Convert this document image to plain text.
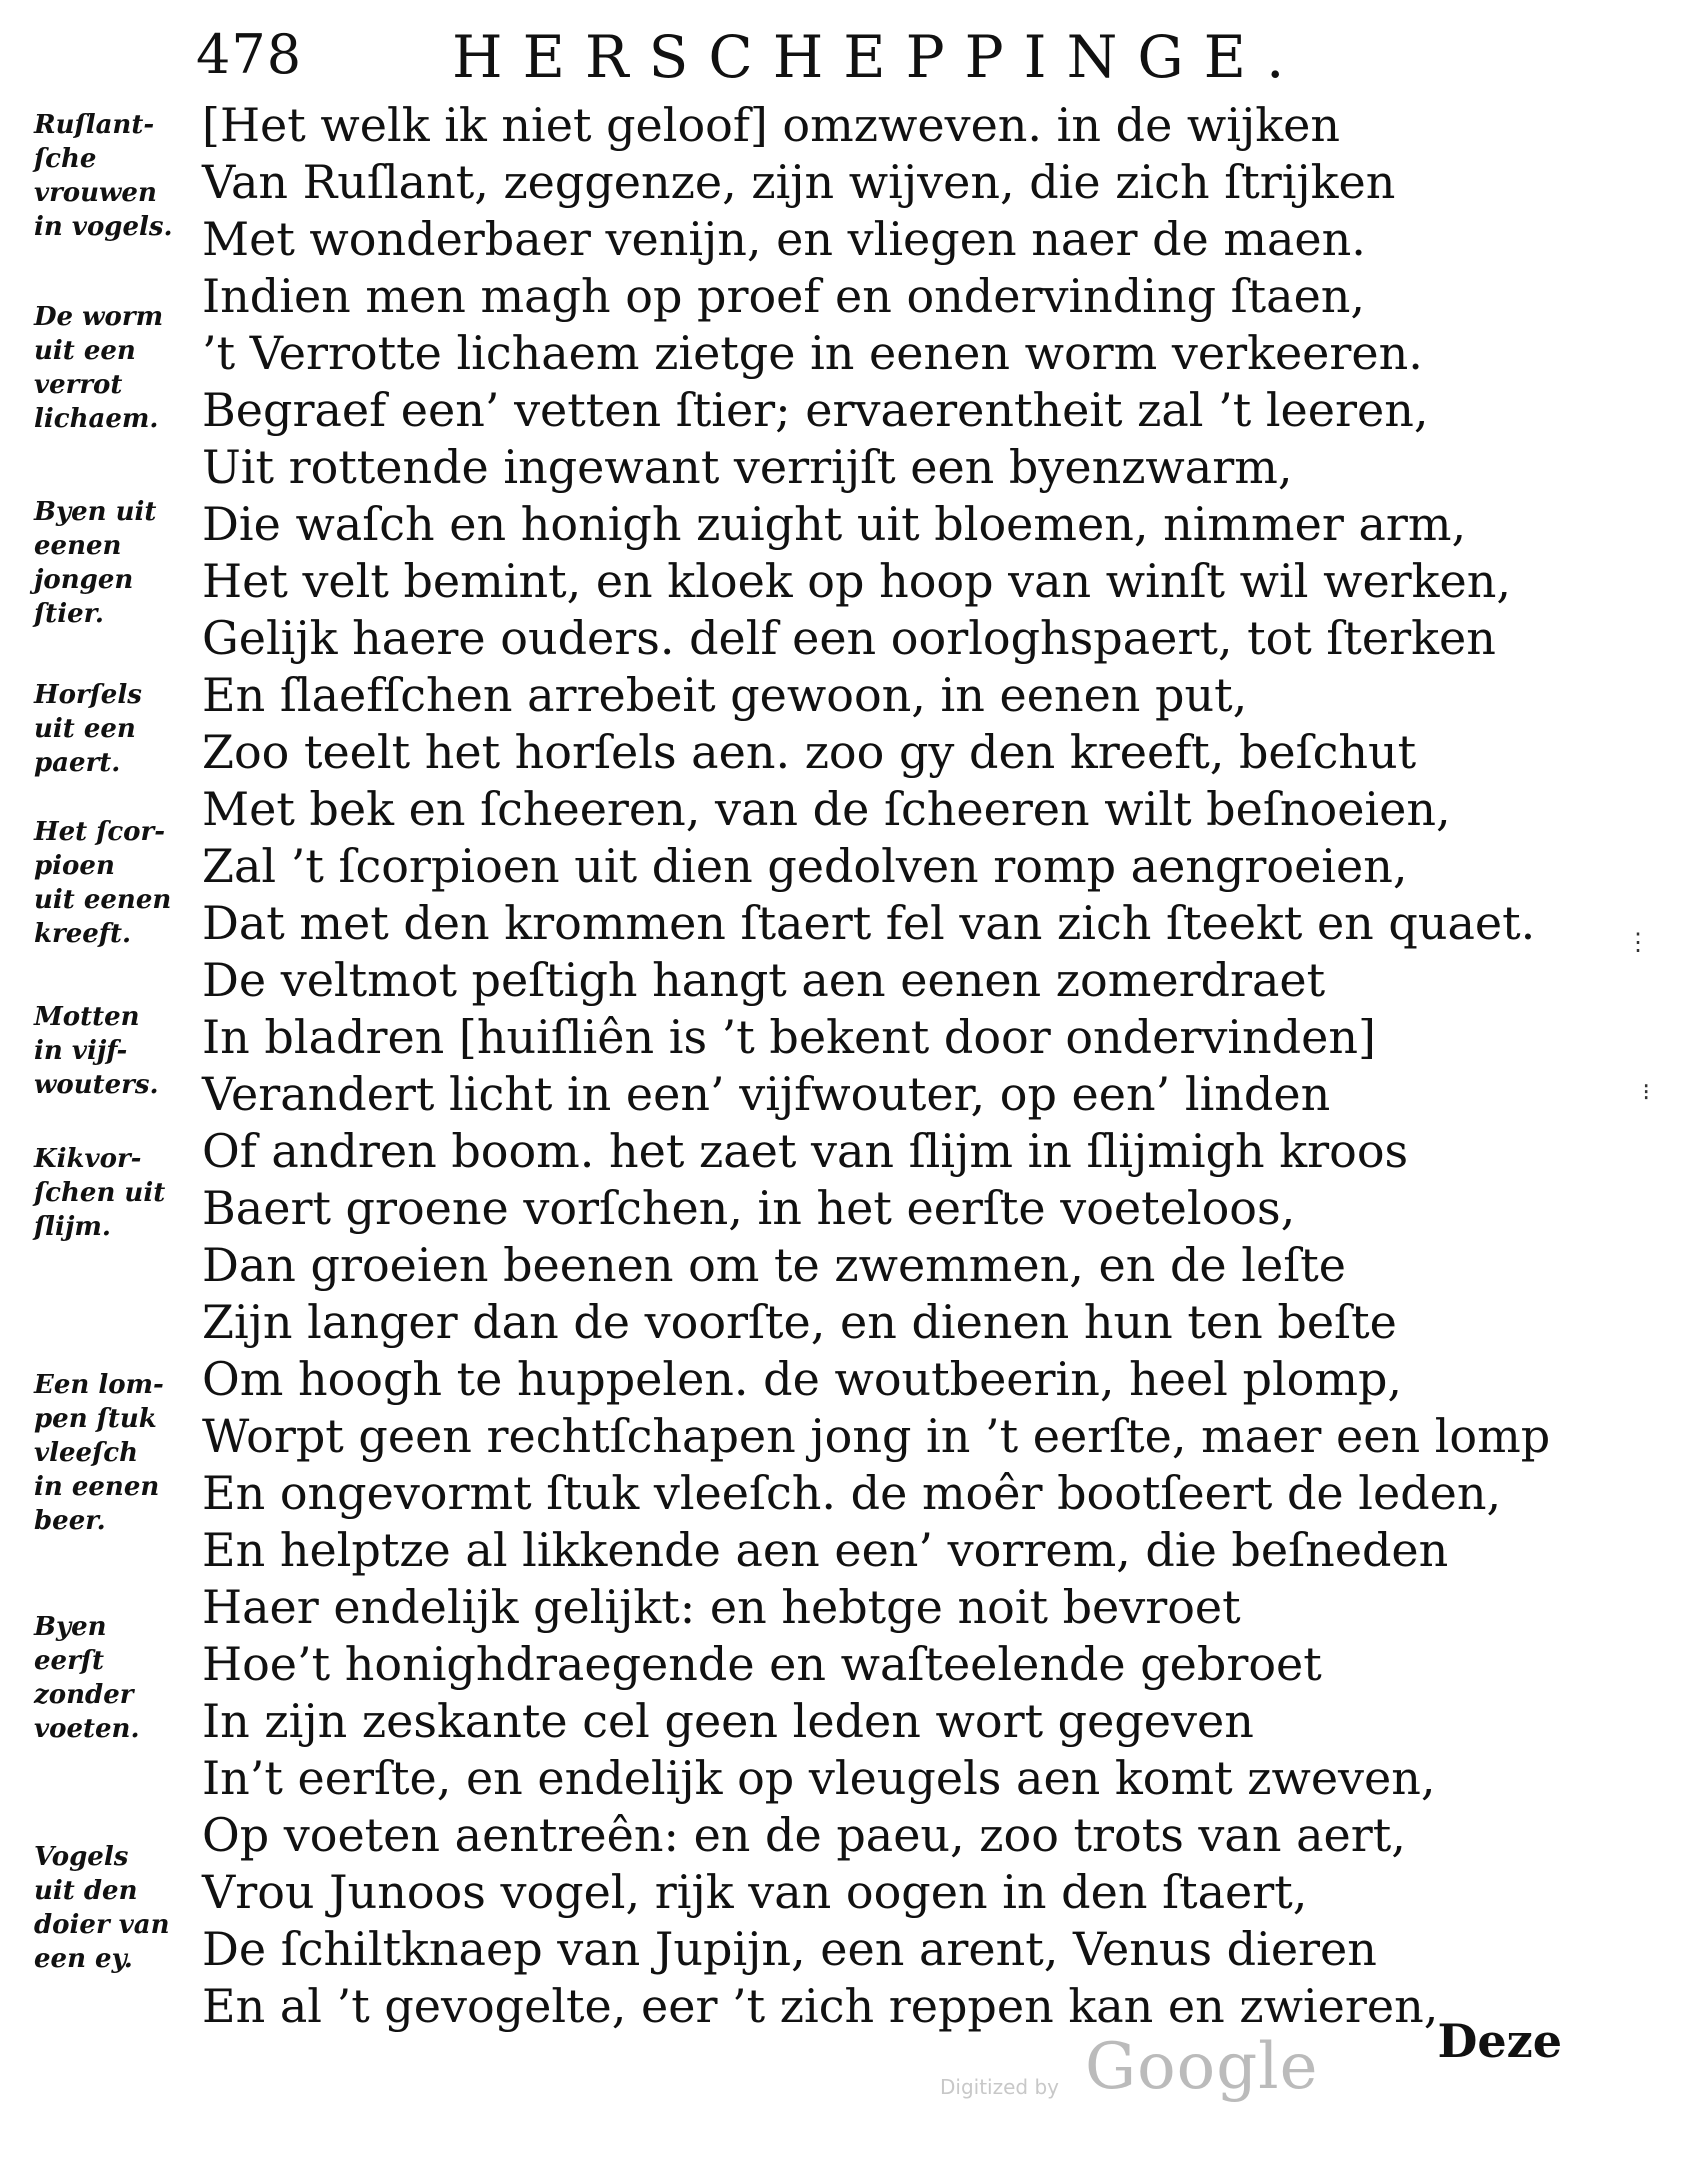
478	HERSCHEPPINGE.
Ruſlant-
ſche
vrouwen
in vogels.
De worm
uit een
verrot
lichaem.
Byen uit
eenen
jongen
ſtier.
Horſels
uit een
paert.
Het ſcor-
pioen
uit eenen
kreeft.
Motten
in vijf-
wouters.
Kikvor-
ſchen uit
ſlijm.
Een lom-
pen ſtuk
vleeſch
in eenen
beer.
Byen
eerſt
zonder
voeten.
Vogels
uit den
doier van
een ey.
[Het welk ik niet geloof] omzweven. in de wijken
Van Ruſlant, zeggenze, zijn wijven, die zich ſtrijken
Met wonderbaer venijn, en vliegen naer de maen.
Indien men magh op proef en ondervinding ſtaen,
’t Verrotte lichaem zietge in eenen worm verkeeren.
Begraef een’ vetten ſtier; ervaerentheit zal ’t leeren,
Uit rottende ingewant verrijſt een byenzwarm,
Die waſch en honigh zuight uit bloemen, nimmer arm,
Het velt bemint, en kloek op hoop van winſt wil werken,
Gelijk haere ouders. delf een oorloghspaert, tot ſterken
En ſlaefſchen arrebeit gewoon, in eenen put,
Zoo teelt het horſels aen. zoo gy den kreeft, beſchut
Met bek en ſcheeren, van de ſcheeren wilt beſnoeien,
Zal ’t ſcorpioen uit dien gedolven romp aengroeien,
Dat met den krommen ſtaert fel van zich ſteekt en quaet.
De veltmot peſtigh hangt aen eenen zomerdraet
In bladren [huiſliên is ’t bekent door ondervinden]
Verandert licht in een’ vijfwouter, op een’ linden
Of andren boom. het zaet van ſlijm in ſlijmigh kroos
Baert groene vorſchen, in het eerſte voeteloos,
Dan groeien beenen om te zwemmen, en de leſte
Zijn langer dan de voorſte, en dienen hun ten beſte
Om hoogh te huppelen. de woutbeerin, heel plomp,
Worpt geen rechtſchapen jong in ’t eerſte, maer een lomp
En ongevormt ſtuk vleeſch. de moêr bootſeert de leden,
En helptze al likkende aen een’ vorrem, die beſneden
Haer endelijk gelijkt: en hebtge noit bevroet
Hoe’t honighdraegende en waſteelende gebroet
In zijn zeskante cel geen leden wort gegeven
In’t eerſte, en endelijk op vleugels aen komt zweven,
Op voeten aentreên: en de paeu, zoo trots van aert,
Vrou Junoos vogel, rijk van oogen in den ſtaert,
De ſchiltknaep van Jupijn, een arent, Venus dieren
En al ’t gevogelte, eer ’t zich reppen kan en zwieren,
Deze
Digitized by Google
⋮
⁝
